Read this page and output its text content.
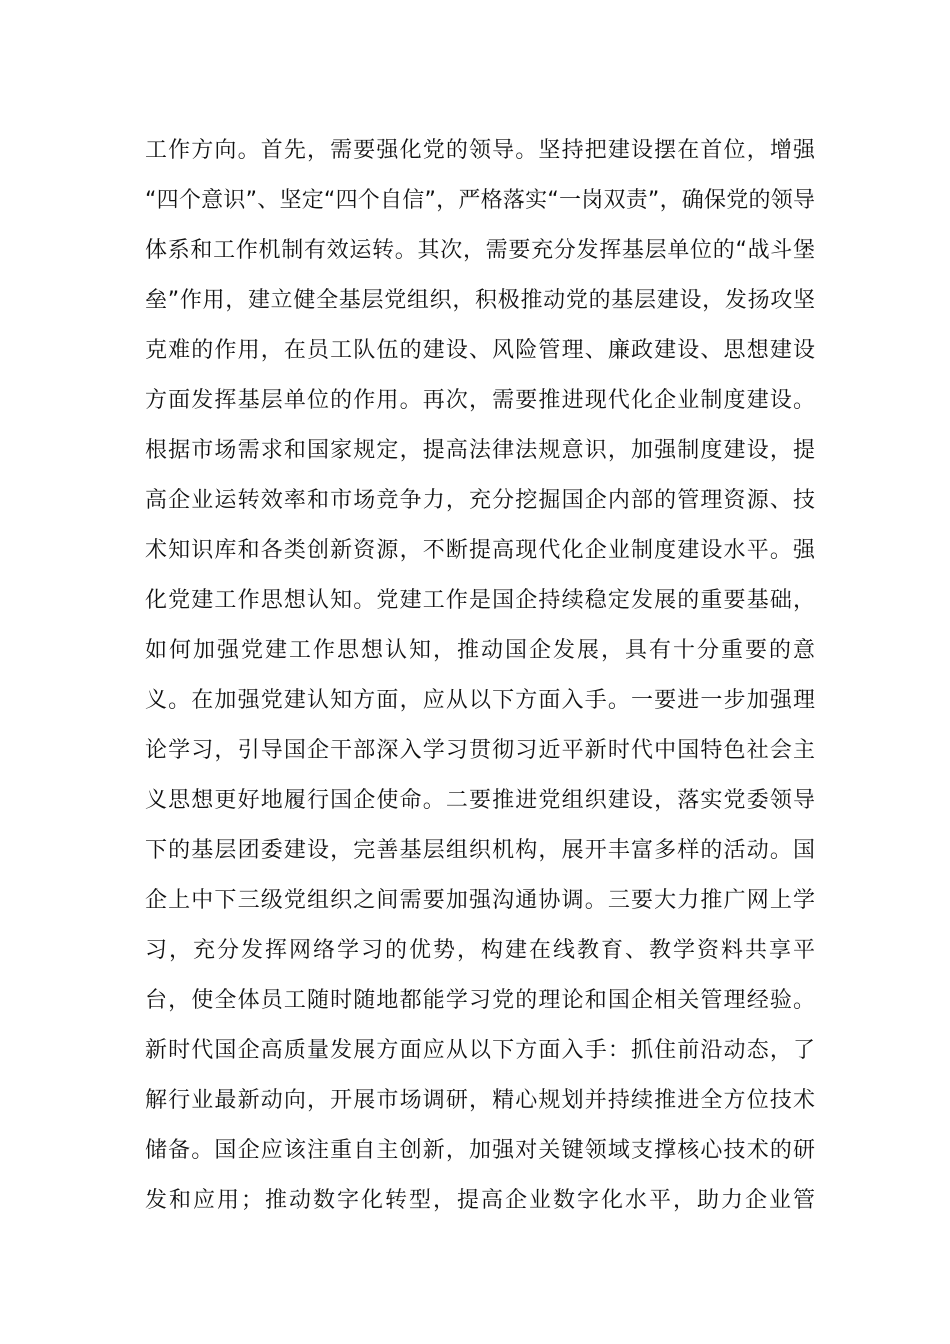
工作方向。首先，需要强化党的领导。坚持把建设摆在首位，增强
“四个意识”、坚定“四个自信”，严格落实“一岗双责”，确保党的领导
体系和工作机制有效运转。其次，需要充分发挥基层单位的“战斗堡
垒”作用，建立健全基层党组织，积极推动党的基层建设，发扬攻坚
克难的作用，在员工队伍的建设、风险管理、廉政建设、思想建设
方面发挥基层单位的作用。再次，需要推进现代化企业制度建设。
根据市场需求和国家规定，提高法律法规意识，加强制度建设，提
高企业运转效率和市场竞争力，充分挖掘国企内部的管理资源、技
术知识库和各类创新资源，不断提高现代化企业制度建设水平。强
化党建工作思想认知。党建工作是国企持续稳定发展的重要基础，
如何加强党建工作思想认知，推动国企发展，具有十分重要的意
义。在加强党建认知方面，应从以下方面入手。一要进一步加强理
论学习，引导国企干部深入学习贯彻习近平新时代中国特色社会主
义思想更好地履行国企使命。二要推进党组织建设，落实党委领导
下的基层团委建设，完善基层组织机构，展开丰富多样的活动。国
企上中下三级党组织之间需要加强沟通协调。三要大力推广网上学
习，充分发挥网络学习的优势，构建在线教育、教学资料共享平
台，使全体员工随时随地都能学习党的理论和国企相关管理经验。
新时代国企高质量发展方面应从以下方面入手：抓住前沿动态，了
解行业最新动向，开展市场调研，精心规划并持续推进全方位技术
储备。国企应该注重自主创新，加强对关键领域支撑核心技术的研
发和应用；推动数字化转型，提高企业数字化水平，助力企业管
